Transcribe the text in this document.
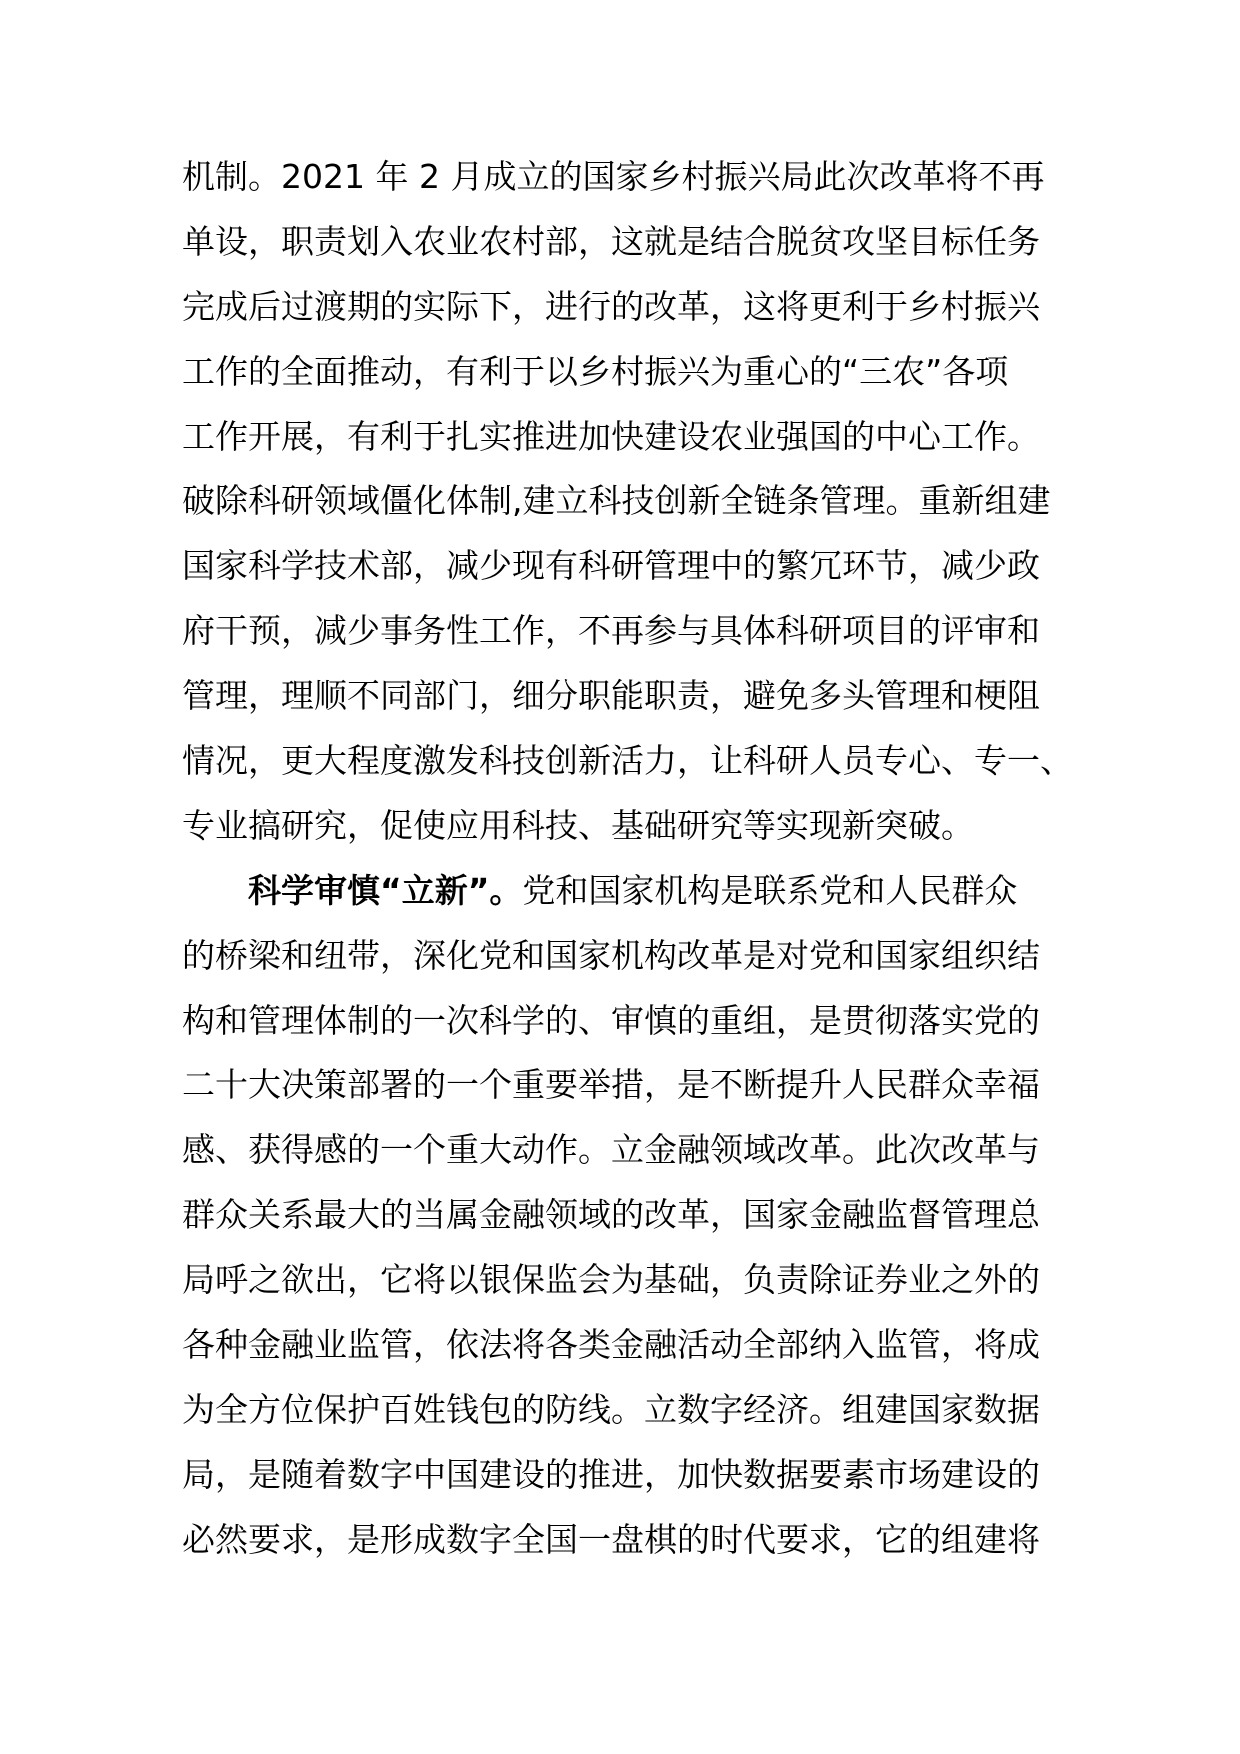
机制。2021 年 2 月成立的国家乡村振兴局此次改革将不再
单设，职责划入农业农村部，这就是结合脱贫攻坚目标任务
完成后过渡期的实际下，进行的改革，这将更利于乡村振兴
工作的全面推动，有利于以乡村振兴为重心的“三农”各项
工作开展，有利于扎实推进加快建设农业强国的中心工作。
破除科研领域僵化体制,建立科技创新全链条管理。重新组建
国家科学技术部，减少现有科研管理中的繁冗环节，减少政
府干预，减少事务性工作，不再参与具体科研项目的评审和
管理，理顺不同部门，细分职能职责，避免多头管理和梗阻
情况，更大程度激发科技创新活力，让科研人员专心、专一、
专业搞研究，促使应用科技、基础研究等实现新突破。
科学审慎“立新”。党和国家机构是联系党和人民群众
的桥梁和纽带，深化党和国家机构改革是对党和国家组织结
构和管理体制的一次科学的、审慎的重组，是贯彻落实党的
二十大决策部署的一个重要举措，是不断提升人民群众幸福
感、获得感的一个重大动作。立金融领域改革。此次改革与
群众关系最大的当属金融领域的改革，国家金融监督管理总
局呼之欲出，它将以银保监会为基础，负责除证券业之外的
各种金融业监管，依法将各类金融活动全部纳入监管，将成
为全方位保护百姓钱包的防线。立数字经济。组建国家数据
局，是随着数字中国建设的推进，加快数据要素市场建设的
必然要求，是形成数字全国一盘棋的时代要求，它的组建将
